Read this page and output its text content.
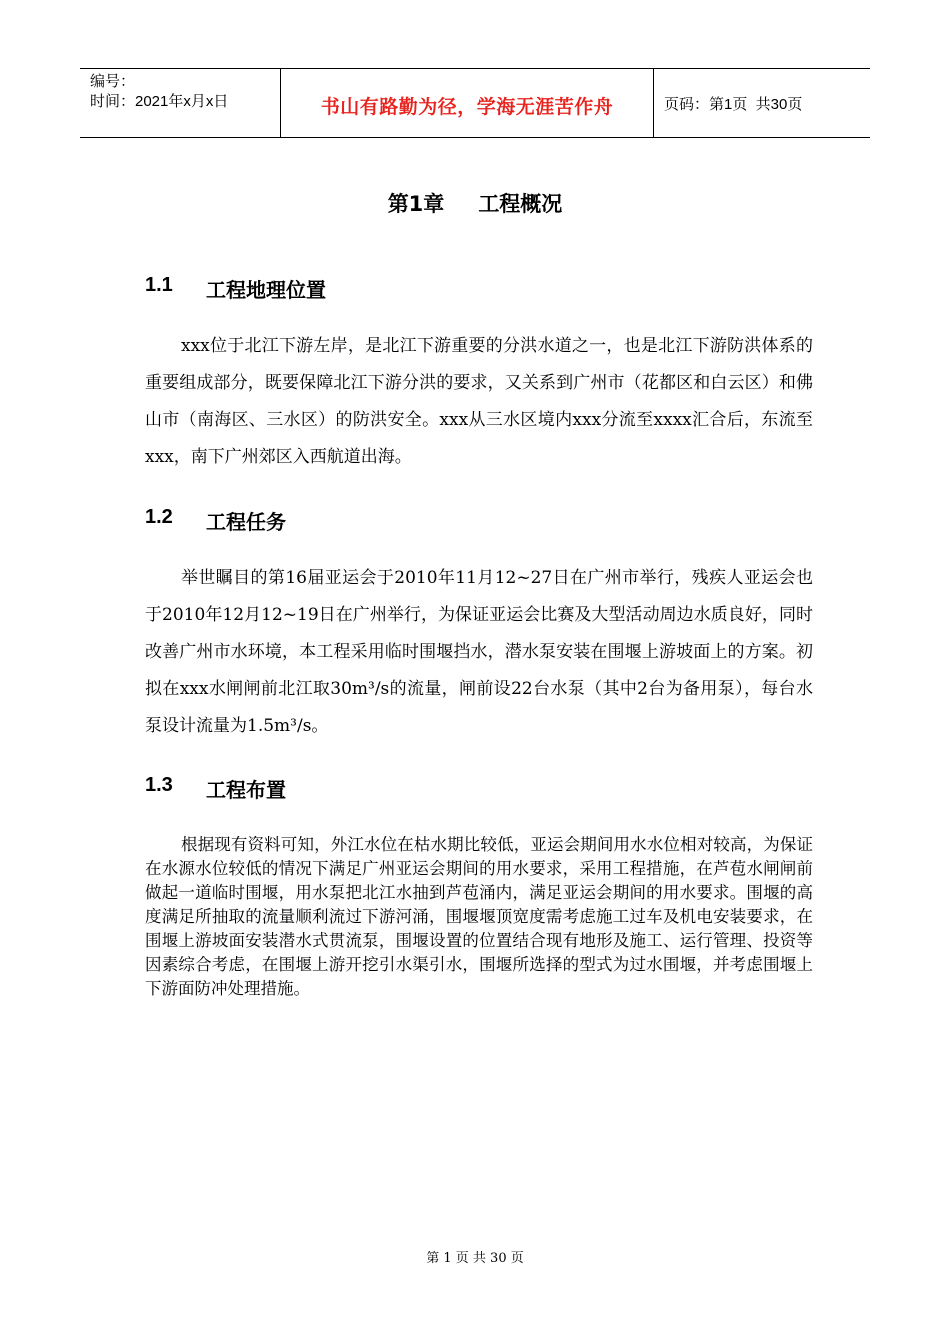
编号：
时间：2021年x月x日	书山有路勤为径，学海无涯苦作舟	页码：第1页  共30页
第1章 工程概况
1.1	工程地理位置

xxx位于北江下游左岸，是北江下游重要的分洪水道之一，也是北江下游防洪体系的重要组成部分，既要保障北江下游分洪的要求，又关系到广州市（花都区和白云区）和佛山市（南海区、三水区）的防洪安全。xxx从三水区境内xxx分流至xxxx汇合后，东流至xxx，南下广州郊区入西航道出海。

1.2	工程任务

举世瞩目的第16届亚运会于2010年11月12~27日在广州市举行，残疾人亚运会也于2010年12月12~19日在广州举行，为保证亚运会比赛及大型活动周边水质良好，同时改善广州市水环境，本工程采用临时围堰挡水，潜水泵安装在围堰上游坡面上的方案。初拟在xxx水闸闸前北江取30m³/s的流量，闸前设22台水泵（其中2台为备用泵），每台水泵设计流量为1.5m³/s。

1.3	工程布置

根据现有资料可知，外江水位在枯水期比较低，亚运会期间用水水位相对较高，为保证在水源水位较低的情况下满足广州亚运会期间的用水要求，采用工程措施，在芦苞水闸闸前做起一道临时围堰，用水泵把北江水抽到芦苞涌内，满足亚运会期间的用水要求。围堰的高度满足所抽取的流量顺利流过下游河涌，围堰堰顶宽度需考虑施工过车及机电安装要求，在围堰上游坡面安装潜水式贯流泵，围堰设置的位置结合现有地形及施工、运行管理、投资等因素综合考虑，在围堰上游开挖引水渠引水，围堰所选择的型式为过水围堰，并考虑围堰上下游面防冲处理措施。

第 1 页 共 30 页
